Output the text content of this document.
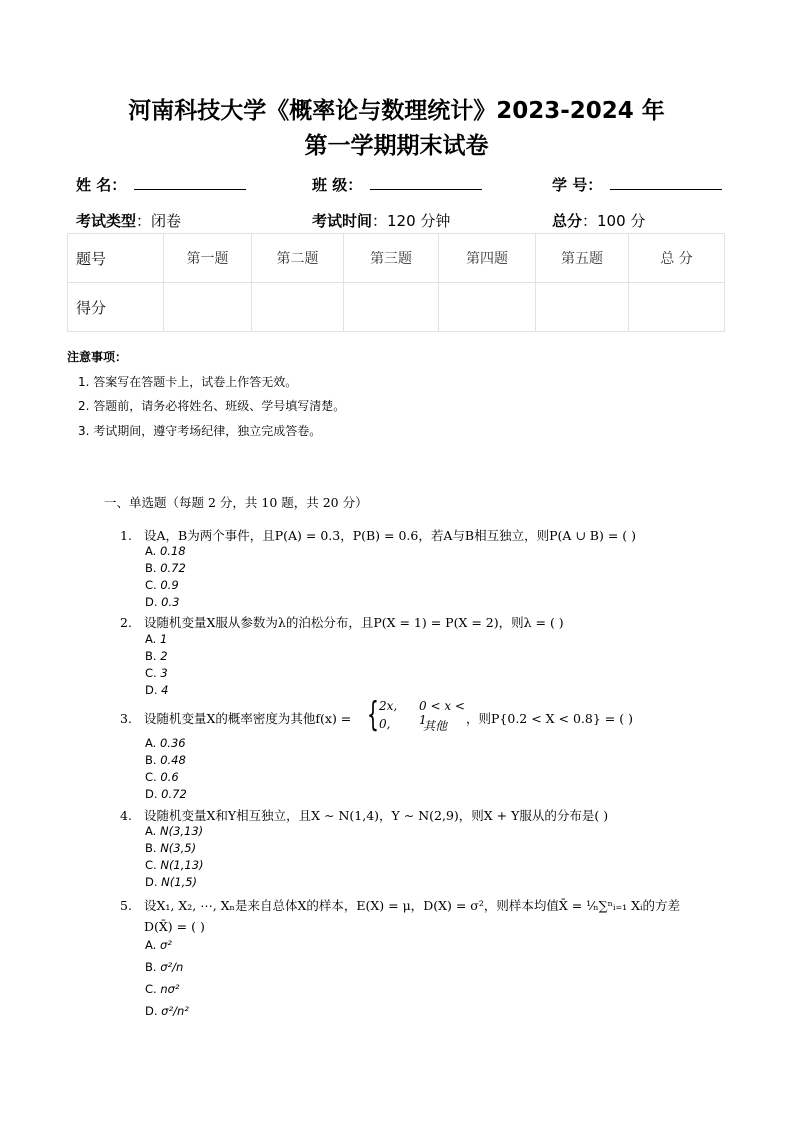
河南科技大学《概率论与数理统计》2023-2024 年
第一学期期末试卷
姓 名：	班 级：	学 号：
考试类型：闭卷	考试时间：120 分钟	总分：100 分
题号	第一题	第二题	第三题	第四题	第五题	总 分
得分						
注意事项：
1. 答案写在答题卡上，试卷上作答无效。
2. 答题前，请务必将姓名、班级、学号填写清楚。
3. 考试期间，遵守考场纪律，独立完成答卷。
一、单选题（每题 2 分，共 10 题，共 20 分）
1. 设A，B为两个事件，且P(A) = 0.3，P(B) = 0.6，若A与B相互独立，则P(A ∪ B) = ( )
A. 0.18
B. 0.72
C. 0.9
D. 0.3
2. 设随机变量X服从参数为λ的泊松分布，且P(X = 1) = P(X = 2)，则λ = ( )
A. 1
B. 2
C. 3
D. 4
3. 设随机变量X的概率密度为其他f(x) = { 2x, 0 < x < 1
0,	其他 ，则P{0.2 < X < 0.8} = ( )
A. 0.36
B. 0.48
C. 0.6
D. 0.72
4. 设随机变量X和Y相互独立，且X ∼ N(1,4)，Y ∼ N(2,9)，则X + Y服从的分布是( )
A. N(3,13)
B. N(3,5)
C. N(1,13)
D. N(1,5)
5. 设X₁, X₂, ⋯, Xₙ是来自总体X的样本，E(X) = μ，D(X) = σ²，则样本均值X̄ = ¹⁄ₙ∑ⁿᵢ₌₁ Xᵢ的方差
D(X̄) = ( )
A. σ²
B. σ²/n
C. nσ²
D. σ²/n²
